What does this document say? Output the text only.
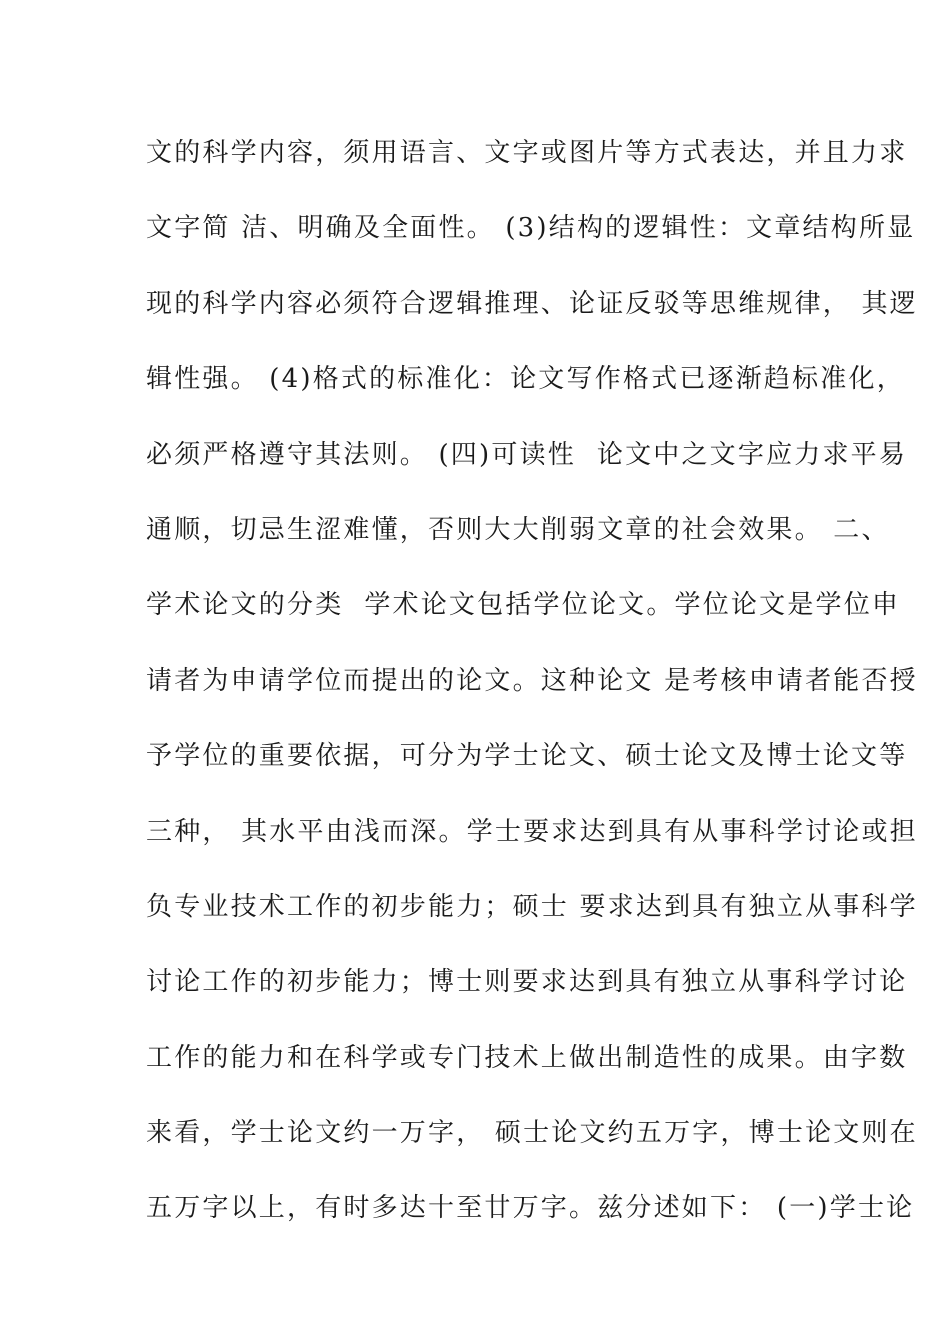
文的科学内容，须用语言、文字或图片等方式表达，并且力求
文字简 洁、明确及全面性。 (3)结构的逻辑性：文章结构所显
现的科学内容必须符合逻辑推理、论证反驳等思维规律， 其逻
辑性强。 (4)格式的标准化：论文写作格式已逐渐趋标准化，
必须严格遵守其法则。 (四)可读性  论文中之文字应力求平易
通顺，切忌生涩难懂，否则大大削弱文章的社会效果。 二、
学术论文的分类  学术论文包括学位论文。学位论文是学位申
请者为申请学位而提出的论文。这种论文 是考核申请者能否授
予学位的重要依据，可分为学士论文、硕士论文及博士论文等
三种， 其水平由浅而深。学士要求达到具有从事科学讨论或担
负专业技术工作的初步能力；硕士 要求达到具有独立从事科学
讨论工作的初步能力；博士则要求达到具有独立从事科学讨论
工作的能力和在科学或专门技术上做出制造性的成果。由字数
来看，学士论文约一万字， 硕士论文约五万字，博士论文则在
五万字以上，有时多达十至廿万字。兹分述如下： (一)学士论
